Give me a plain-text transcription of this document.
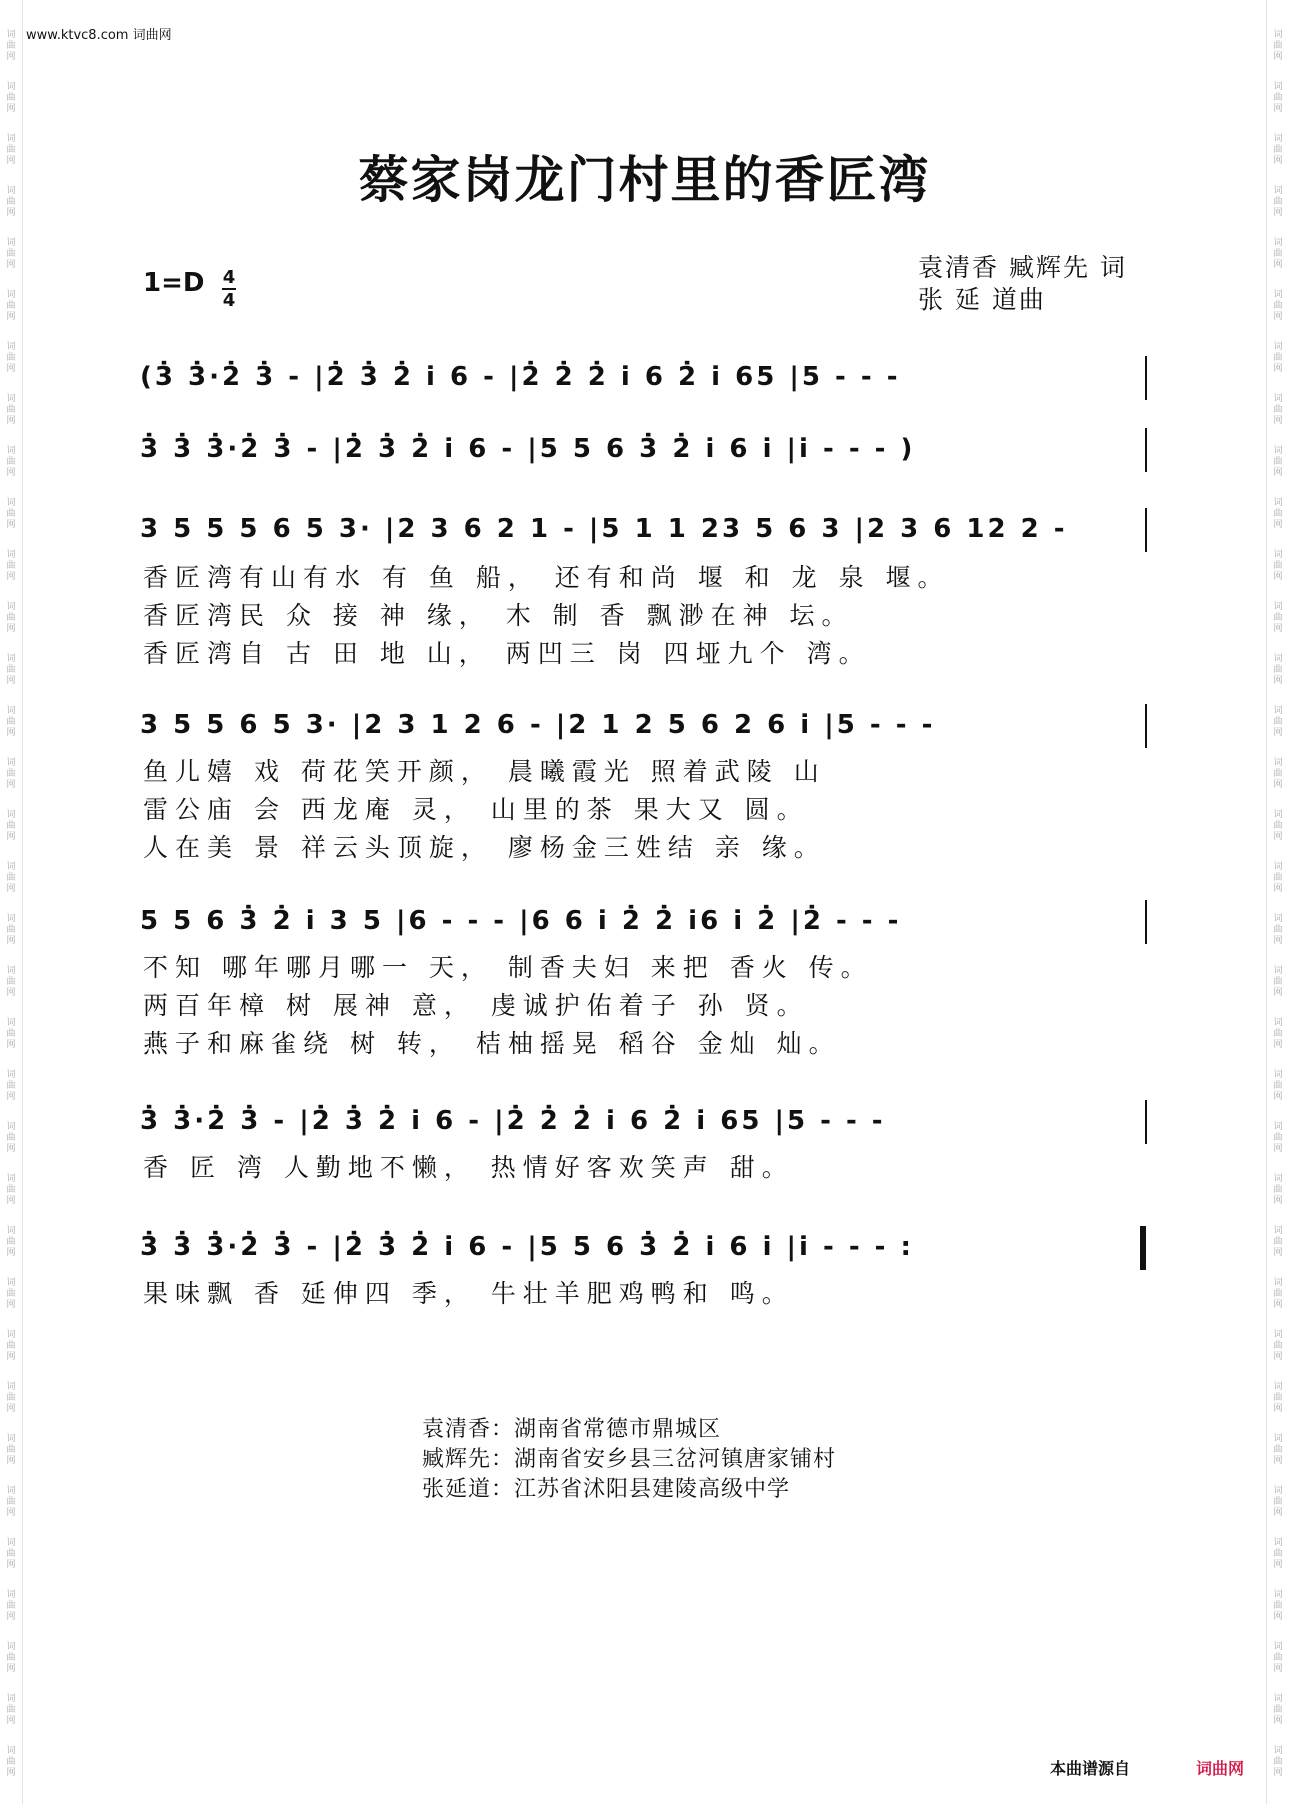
词
曲
网
词
曲
网
词
曲
网
词
曲
网
词
曲
网
词
曲
网
词
曲
网
词
曲
网
词
曲
网
词
曲
网
词
曲
网
词
曲
网
词
曲
网
词
曲
网
词
曲
网
词
曲
网
词
曲
网
词
曲
网
词
曲
网
词
曲
网
词
曲
网
词
曲
网
词
曲
网
词
曲
网
词
曲
网
词
曲
网
词
曲
网
词
曲
网
词
曲
网
词
曲
网
词
曲
网
词
曲
网
词
曲
网
词
曲
网
词
曲
网
词
曲
网
词
曲
网
词
曲
网
词
曲
网
词
曲
网
词
曲
网
词
曲
网
词
曲
网
词
曲
网
词
曲
网
词
曲
网
词
曲
网
词
曲
网
词
曲
网
词
曲
网
词
曲
网
词
曲
网
词
曲
网
词
曲
网
词
曲
网
词
曲
网
词
曲
网
词
曲
网
词
曲
网
词
曲
网
词
曲
网
词
曲
网
词
曲
网
词
曲
网
词
曲
网
词
曲
网
词
曲
网
词
曲
网
www.ktvc8.com 词曲网
蔡家岗龙门村里的香匠湾
1=D 4
4
袁清香 臧辉先 词
张 延 道曲
(3̇ 3̇·2̇ 3̇ - |2̇ 3̇ 2̇ i̇ 6 - |2̇ 2̇ 2̇ i̇ 6 2̇ i̇ 65 |5 - - -
3̇ 3̇ 3̇·2̇ 3̇ - |2̇ 3̇ 2̇ i̇ 6 - |5 5 6 3̇ 2̇ i̇ 6 i̇ |i̇ - - - )
3 5 5 5 6 5 3· |2 3 6 2 1 - |5 1 1 23 5 6 3 |2 3 6 12 2 -
香匠湾有山有水 有 鱼 船， 还有和尚 堰 和 龙 泉 堰。
香匠湾民 众 接 神 缘， 木 制 香 飘渺在神 坛。
香匠湾自 古 田 地 山， 两凹三 岗 四垭九个 湾。
3 5 5 6 5 3· |2 3 1 2 6 - |2 1 2 5 6 2 6 i̇ |5 - - -
鱼儿嬉 戏 荷花笑开颜， 晨曦霞光 照着武陵 山
雷公庙 会 西龙庵 灵， 山里的茶 果大又 圆。
人在美 景 祥云头顶旋， 廖杨金三姓结 亲 缘。
5 5 6 3̇ 2̇ i̇ 3 5 |6 - - - |6 6 i̇ 2̇ 2̇ i̇6 i̇ 2̇ |2̇ - - -
不知 哪年哪月哪一 天， 制香夫妇 来把 香火 传。
两百年樟 树 展神 意， 虔诚护佑着子 孙 贤。
燕子和麻雀绕 树 转， 桔柚摇晃 稻谷 金灿 灿。
3̇ 3̇·2̇ 3̇ - |2̇ 3̇ 2̇ i̇ 6 - |2̇ 2̇ 2̇ i̇ 6 2̇ i̇ 65 |5 - - -
香 匠 湾 人勤地不懒， 热情好客欢笑声 甜。
3̇ 3̇ 3̇·2̇ 3̇ - |2̇ 3̇ 2̇ i̇ 6 - |5 5 6 3̇ 2̇ i̇ 6 i̇ |i̇ - - - :
果味飘 香 延伸四 季， 牛壮羊肥鸡鸭和 鸣。
袁清香：湖南省常德市鼎城区
臧辉先：湖南省安乡县三岔河镇唐家铺村
张延道：江苏省沭阳县建陵高级中学
本曲谱源自	词曲网
